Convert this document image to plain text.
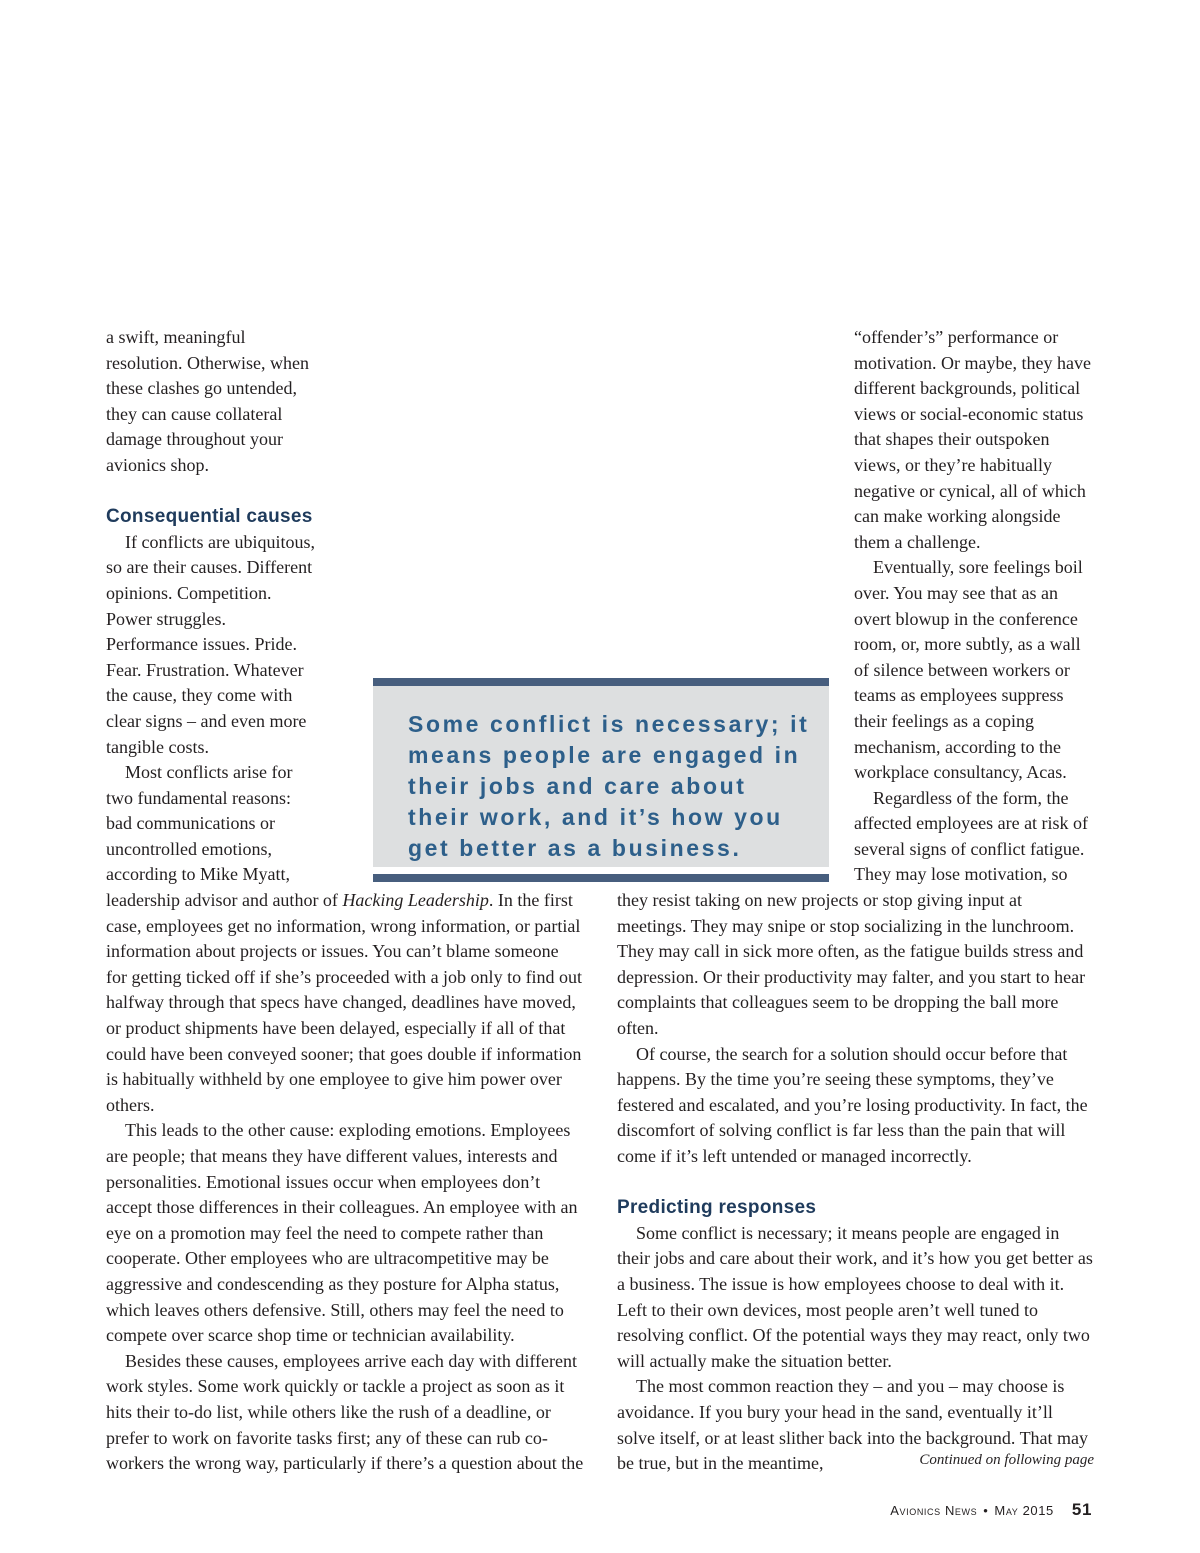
a swift, meaningful resolution. Otherwise, when these clashes go untended, they can cause collateral damage throughout your avionics shop.

Consequential causes

If conflicts are ubiquitous, so are their causes. Different opinions. Competition. Power struggles. Performance issues. Pride. Fear. Frustration. Whatever the cause, they come with clear signs – and even more tangible costs.

Most conflicts arise for two fundamental reasons: bad communications or uncontrolled emotions, according to Mike Myatt, leadership advisor and author of Hacking Leadership. In the first case, employees get no information, wrong information, or partial information about projects or issues. You can’t blame someone for getting ticked off if she’s proceeded with a job only to find out halfway through that specs have changed, deadlines have moved, or product shipments have been delayed, especially if all of that could have been conveyed sooner; that goes double if information is habitually withheld by one employee to give him power over others.

This leads to the other cause: exploding emotions. Employees are people; that means they have different values, interests and personalities. Emotional issues occur when employees don’t accept those differences in their colleagues. An employee with an eye on a promotion may feel the need to compete rather than cooperate. Other employees who are ultracompetitive may be aggressive and condescending as they posture for Alpha status, which leaves others defensive. Still, others may feel the need to compete over scarce shop time or technician availability.

Besides these causes, employees arrive each day with different work styles. Some work quickly or tackle a project as soon as it hits their to-do list, while others like the rush of a deadline, or prefer to work on favorite tasks first; any of these can rub co-workers the wrong way, particularly if there’s a question about the

“offender’s” performance or motivation. Or maybe, they have different backgrounds, political views or social-economic status that shapes their outspoken views, or they’re habitually negative or cynical, all of which can make working alongside them a challenge.

Eventually, sore feelings boil over. You may see that as an overt blowup in the conference room, or, more subtly, as a wall of silence between workers or teams as employees suppress their feelings as a coping mechanism, according to the workplace consultancy, Acas.

Regardless of the form, the affected employees are at risk of several signs of conflict fatigue. They may lose motivation, so they resist taking on new projects or stop giving input at meetings. They may snipe or stop socializing in the lunchroom. They may call in sick more often, as the fatigue builds stress and depression. Or their productivity may falter, and you start to hear complaints that colleagues seem to be dropping the ball more often.

Of course, the search for a solution should occur before that happens. By the time you’re seeing these symptoms, they’ve festered and escalated, and you’re losing productivity. In fact, the discomfort of solving conflict is far less than the pain that will come if it’s left untended or managed incorrectly.

Predicting responses

Some conflict is necessary; it means people are engaged in their jobs and care about their work, and it’s how you get better as a business. The issue is how employees choose to deal with it. Left to their own devices, most people aren’t well tuned to resolving conflict. Of the potential ways they may react, only two will actually make the situation better.

The most common reaction they – and you – may choose is avoidance. If you bury your head in the sand, eventually it’ll solve itself, or at least slither back into the background. That may be true, but in the meantime,

Some conflict is necessary; it means people are engaged in their jobs and care about their work, and it’s how you get better as a business.
Continued on following page
Avionics News • May 2015 51
